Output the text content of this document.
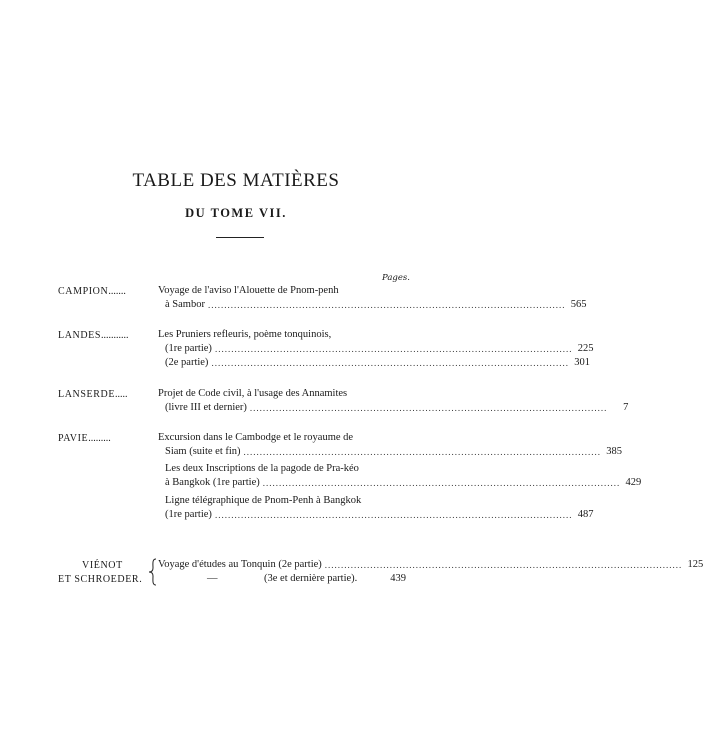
TABLE DES MATIÈRES
DU TOME VII.
Pages.
CAMPION.......	Voyage de l'aviso l'Alouette de Pnom-penh
à Sambor .............................................................................................................. 565
LANDES...........	Les Pruniers refleuris, poème tonquinois,
(1re partie) .............................................................................................................. 225
(2e partie) .............................................................................................................. 301
LANSERDE.....	Projet de Code civil, à l'usage des Annamites
(livre III et dernier) ..............................................................................................................	7
PAVIE.........	Excursion dans le Cambodge et le royaume de
Siam (suite et fin) .............................................................................................................. 385
Les deux Inscriptions de la pagode de Pra-kéo
à Bangkok (1re partie) .............................................................................................................. 429
Ligne télégraphique de Pnom-Penh à Bangkok
(1re partie) .............................................................................................................. 487
VIÉNOT
ET SCHROEDER.
Voyage d'études au Tonquin (2e partie) .............................................................................................................. 125
—	(3e et dernière partie).	439
